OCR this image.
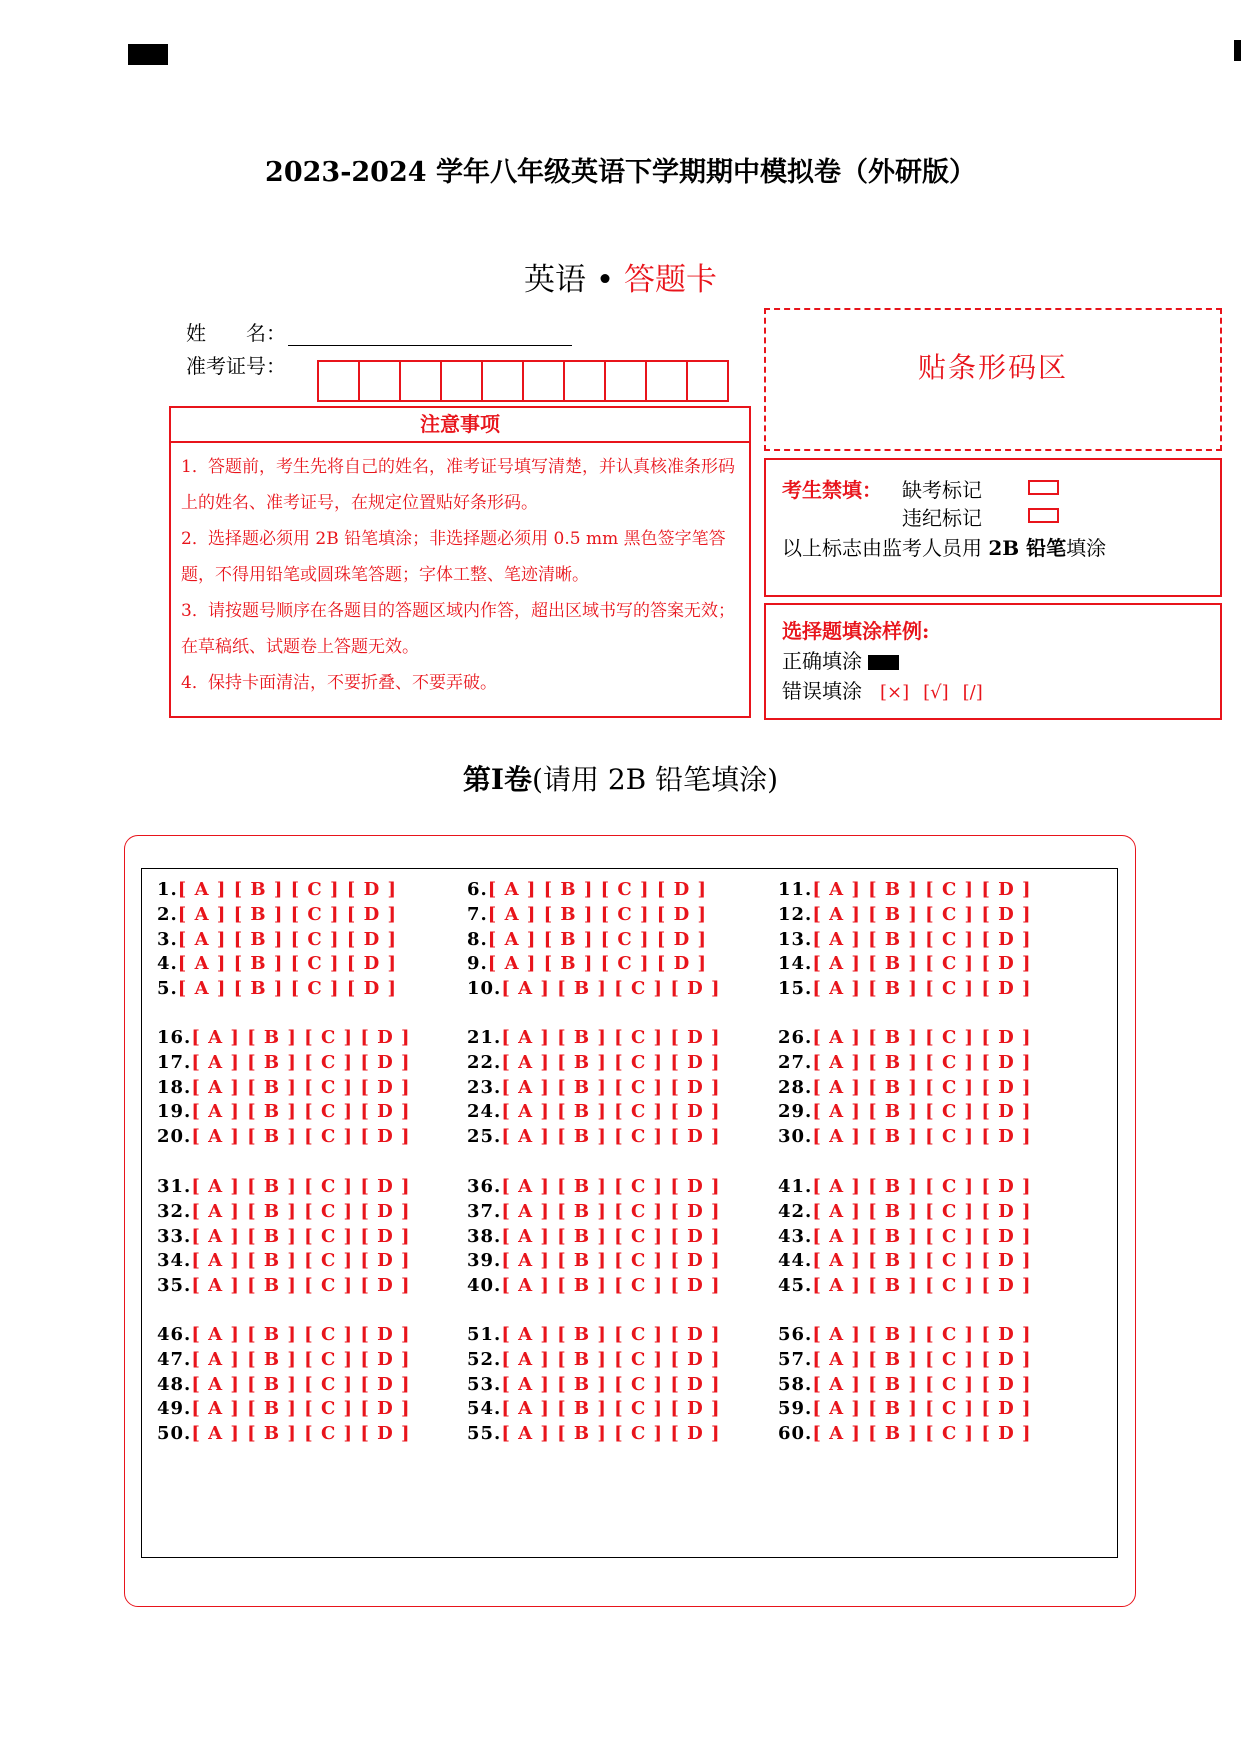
2023-2024 学年八年级英语下学期期中模拟卷（外研版）
英语 • 答题卡
姓　　名：
准考证号：
注意事项
1．答题前，考生先将自己的姓名，准考证号填写清楚，并认真核准条形码上的姓名、准考证号，在规定位置贴好条形码。
2．选择题必须用 2B 铅笔填涂；非选择题必须用 0.5 mm 黑色签字笔答题，不得用铅笔或圆珠笔答题；字体工整、笔迹清晰。
3．请按题号顺序在各题目的答题区域内作答，超出区域书写的答案无效；在草稿纸、试题卷上答题无效。
4．保持卡面清洁，不要折叠、不要弄破。
贴条形码区
考生禁填： 缺考标记
违纪标记
以上标志由监考人员用 2B 铅笔填涂
选择题填涂样例:
正确填涂
错误填涂 [×] [√] [/]
第I卷(请用 2B 铅笔填涂)
1.[ A ] [ B ] [ C ] [ D ]
2.[ A ] [ B ] [ C ] [ D ]
3.[ A ] [ B ] [ C ] [ D ]
4.[ A ] [ B ] [ C ] [ D ]
5.[ A ] [ B ] [ C ] [ D ]
6.[ A ] [ B ] [ C ] [ D ]
7.[ A ] [ B ] [ C ] [ D ]
8.[ A ] [ B ] [ C ] [ D ]
9.[ A ] [ B ] [ C ] [ D ]
10.[ A ] [ B ] [ C ] [ D ]
11.[ A ] [ B ] [ C ] [ D ]
12.[ A ] [ B ] [ C ] [ D ]
13.[ A ] [ B ] [ C ] [ D ]
14.[ A ] [ B ] [ C ] [ D ]
15.[ A ] [ B ] [ C ] [ D ]
16.[ A ] [ B ] [ C ] [ D ]
17.[ A ] [ B ] [ C ] [ D ]
18.[ A ] [ B ] [ C ] [ D ]
19.[ A ] [ B ] [ C ] [ D ]
20.[ A ] [ B ] [ C ] [ D ]
21.[ A ] [ B ] [ C ] [ D ]
22.[ A ] [ B ] [ C ] [ D ]
23.[ A ] [ B ] [ C ] [ D ]
24.[ A ] [ B ] [ C ] [ D ]
25.[ A ] [ B ] [ C ] [ D ]
26.[ A ] [ B ] [ C ] [ D ]
27.[ A ] [ B ] [ C ] [ D ]
28.[ A ] [ B ] [ C ] [ D ]
29.[ A ] [ B ] [ C ] [ D ]
30.[ A ] [ B ] [ C ] [ D ]
31.[ A ] [ B ] [ C ] [ D ]
32.[ A ] [ B ] [ C ] [ D ]
33.[ A ] [ B ] [ C ] [ D ]
34.[ A ] [ B ] [ C ] [ D ]
35.[ A ] [ B ] [ C ] [ D ]
36.[ A ] [ B ] [ C ] [ D ]
37.[ A ] [ B ] [ C ] [ D ]
38.[ A ] [ B ] [ C ] [ D ]
39.[ A ] [ B ] [ C ] [ D ]
40.[ A ] [ B ] [ C ] [ D ]
41.[ A ] [ B ] [ C ] [ D ]
42.[ A ] [ B ] [ C ] [ D ]
43.[ A ] [ B ] [ C ] [ D ]
44.[ A ] [ B ] [ C ] [ D ]
45.[ A ] [ B ] [ C ] [ D ]
46.[ A ] [ B ] [ C ] [ D ]
47.[ A ] [ B ] [ C ] [ D ]
48.[ A ] [ B ] [ C ] [ D ]
49.[ A ] [ B ] [ C ] [ D ]
50.[ A ] [ B ] [ C ] [ D ]
51.[ A ] [ B ] [ C ] [ D ]
52.[ A ] [ B ] [ C ] [ D ]
53.[ A ] [ B ] [ C ] [ D ]
54.[ A ] [ B ] [ C ] [ D ]
55.[ A ] [ B ] [ C ] [ D ]
56.[ A ] [ B ] [ C ] [ D ]
57.[ A ] [ B ] [ C ] [ D ]
58.[ A ] [ B ] [ C ] [ D ]
59.[ A ] [ B ] [ C ] [ D ]
60.[ A ] [ B ] [ C ] [ D ]
